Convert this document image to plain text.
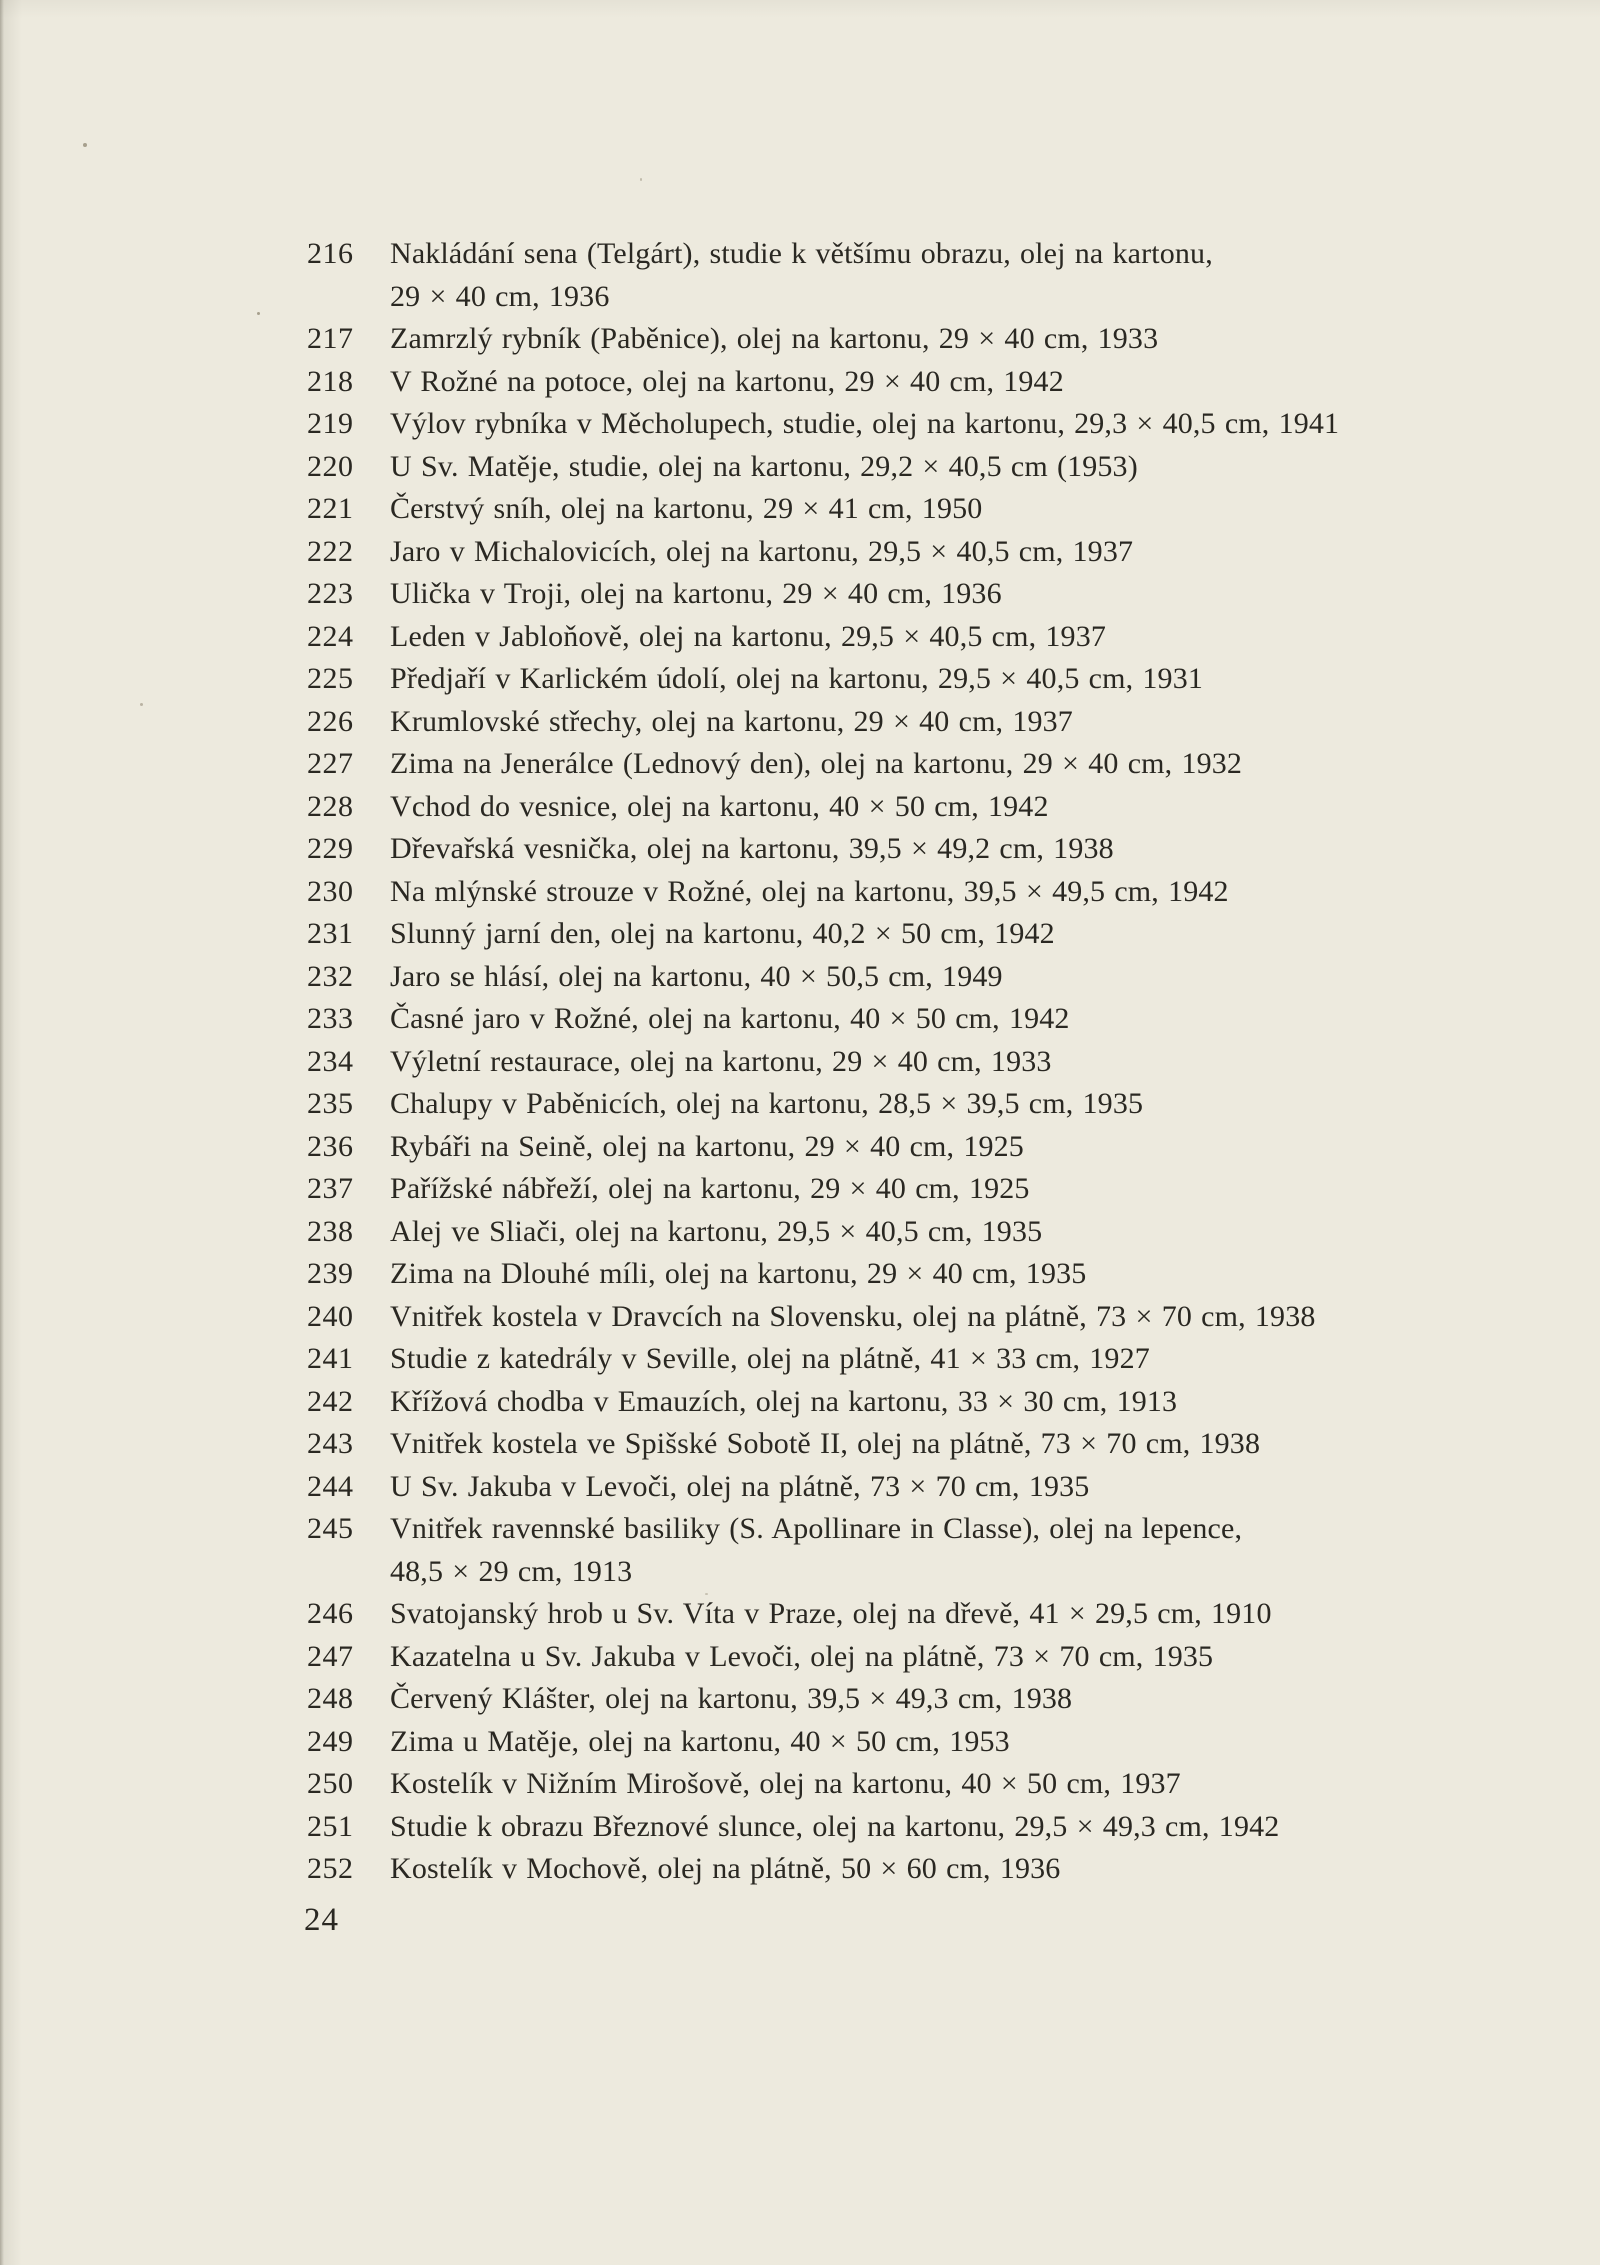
216	Nakládání sena (Telgárt), studie k většímu obrazu, olej na kartonu,
29 × 40 cm, 1936
217	Zamrzlý rybník (Paběnice), olej na kartonu, 29 × 40 cm, 1933
218	V Rožné na potoce, olej na kartonu, 29 × 40 cm, 1942
219	Výlov rybníka v Měcholupech, studie, olej na kartonu, 29,3 × 40,5 cm, 1941
220	U Sv. Matěje, studie, olej na kartonu, 29,2 × 40,5 cm (1953)
221	Čerstvý sníh, olej na kartonu, 29 × 41 cm, 1950
222	Jaro v Michalovicích, olej na kartonu, 29,5 × 40,5 cm, 1937
223	Ulička v Troji, olej na kartonu, 29 × 40 cm, 1936
224	Leden v Jabloňově, olej na kartonu, 29,5 × 40,5 cm, 1937
225	Předjaří v Karlickém údolí, olej na kartonu, 29,5 × 40,5 cm, 1931
226	Krumlovské střechy, olej na kartonu, 29 × 40 cm, 1937
227	Zima na Jenerálce (Lednový den), olej na kartonu, 29 × 40 cm, 1932
228	Vchod do vesnice, olej na kartonu, 40 × 50 cm, 1942
229	Dřevařská vesnička, olej na kartonu, 39,5 × 49,2 cm, 1938
230	Na mlýnské strouze v Rožné, olej na kartonu, 39,5 × 49,5 cm, 1942
231	Slunný jarní den, olej na kartonu, 40,2 × 50 cm, 1942
232	Jaro se hlásí, olej na kartonu, 40 × 50,5 cm, 1949
233	Časné jaro v Rožné, olej na kartonu, 40 × 50 cm, 1942
234	Výletní restaurace, olej na kartonu, 29 × 40 cm, 1933
235	Chalupy v Paběnicích, olej na kartonu, 28,5 × 39,5 cm, 1935
236	Rybáři na Seině, olej na kartonu, 29 × 40 cm, 1925
237	Pařížské nábřeží, olej na kartonu, 29 × 40 cm, 1925
238	Alej ve Sliači, olej na kartonu, 29,5 × 40,5 cm, 1935
239	Zima na Dlouhé míli, olej na kartonu, 29 × 40 cm, 1935
240	Vnitřek kostela v Dravcích na Slovensku, olej na plátně, 73 × 70 cm, 1938
241	Studie z katedrály v Seville, olej na plátně, 41 × 33 cm, 1927
242	Křížová chodba v Emauzích, olej na kartonu, 33 × 30 cm, 1913
243	Vnitřek kostela ve Spišské Sobotě II, olej na plátně, 73 × 70 cm, 1938
244	U Sv. Jakuba v Levoči, olej na plátně, 73 × 70 cm, 1935
245	Vnitřek ravennské basiliky (S. Apollinare in Classe), olej na lepence,
48,5 × 29 cm, 1913
246	Svatojanský hrob u Sv. Víta v Praze, olej na dřevě, 41 × 29,5 cm, 1910
247	Kazatelna u Sv. Jakuba v Levoči, olej na plátně, 73 × 70 cm, 1935
248	Červený Klášter, olej na kartonu, 39,5 × 49,3 cm, 1938
249	Zima u Matěje, olej na kartonu, 40 × 50 cm, 1953
250	Kostelík v Nižním Mirošově, olej na kartonu, 40 × 50 cm, 1937
251	Studie k obrazu Březnové slunce, olej na kartonu, 29,5 × 49,3 cm, 1942
252	Kostelík v Mochově, olej na plátně, 50 × 60 cm, 1936
24
